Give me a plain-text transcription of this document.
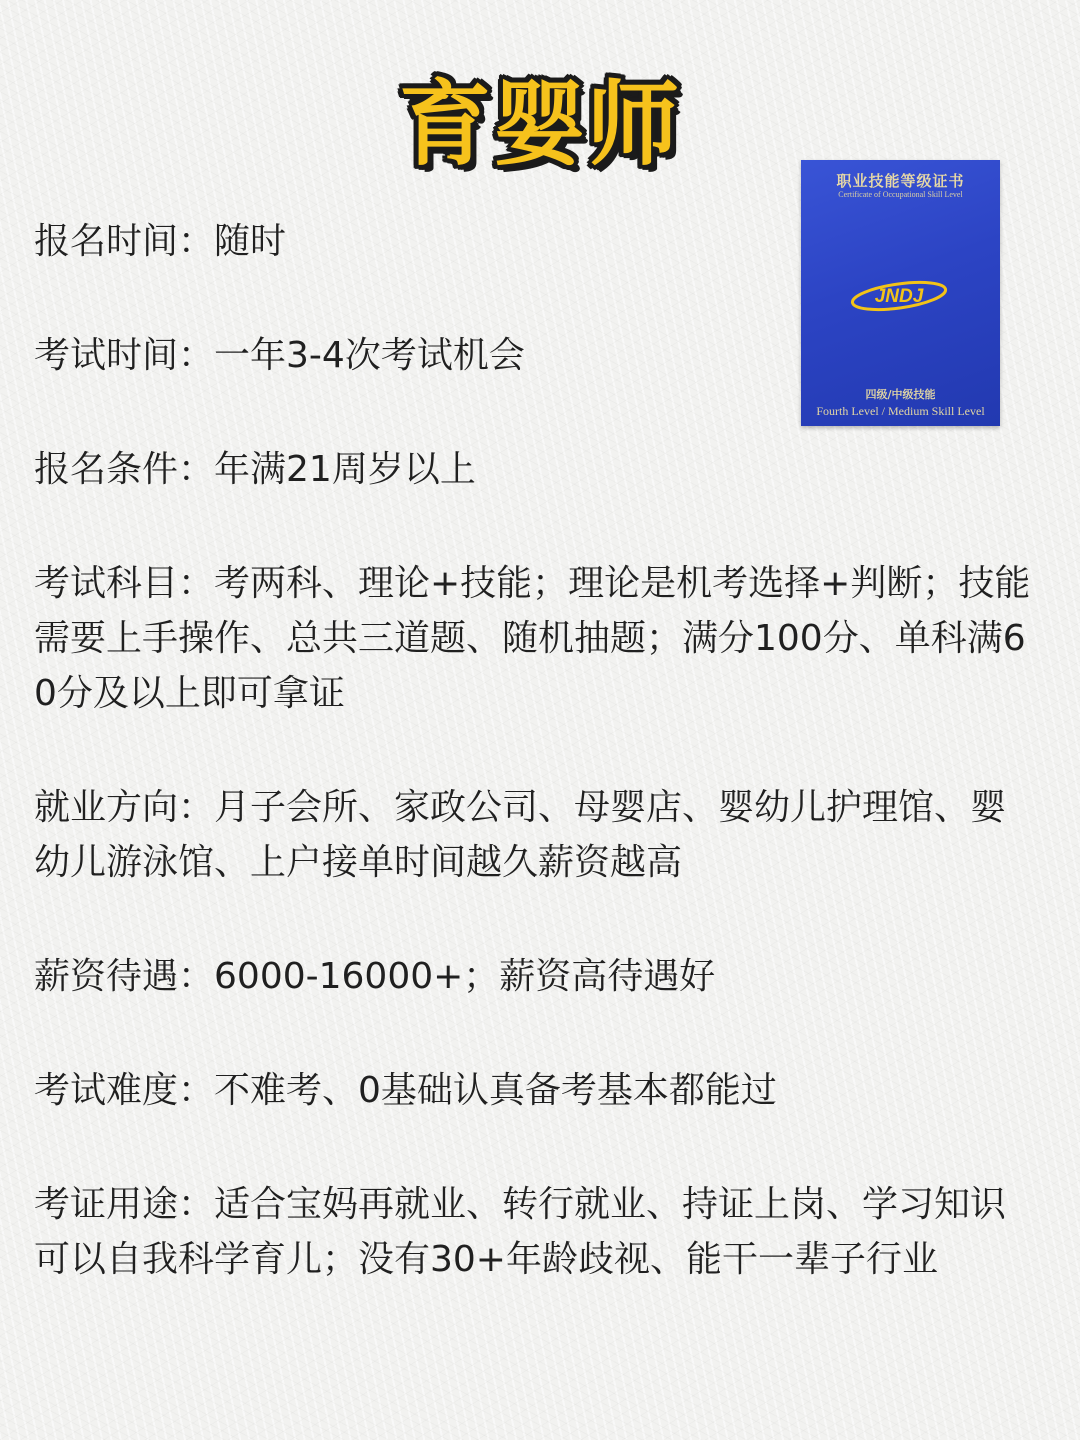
育婴师
职业技能等级证书
Certificate of Occupational Skill Level
JNDJ
四级/中级技能
Fourth Level / Medium Skill Level
报名时间：随时
考试时间：一年3-4次考试机会
报名条件：年满21周岁以上
考试科目：考两科、理论+技能；理论是机考选择+判断；技能需要上手操作、总共三道题、随机抽题；满分100分、单科满60分及以上即可拿证
就业方向：月子会所、家政公司、母婴店、婴幼儿护理馆、婴幼儿游泳馆、上户接单时间越久薪资越高
薪资待遇：6000-16000+；薪资高待遇好
考试难度：不难考、0基础认真备考基本都能过
考证用途：适合宝妈再就业、转行就业、持证上岗、学习知识可以自我科学育儿；没有30+年龄歧视、能干一辈子行业
